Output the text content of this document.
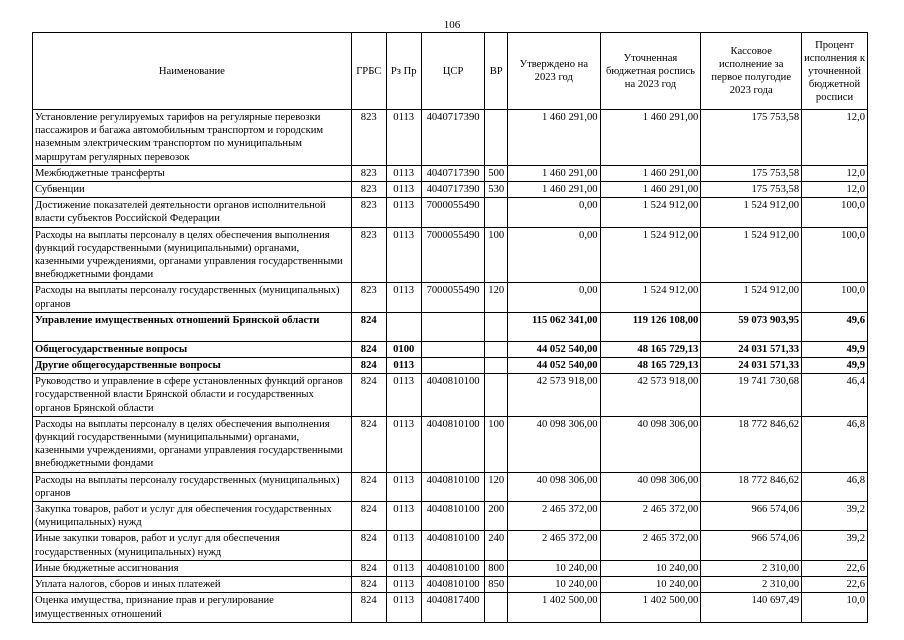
106
Наименование	ГРБС	Рз Пр	ЦСР	ВР	Утверждено на 2023 год	Уточненная бюджетная роспись на 2023 год	Кассовое исполнение за первое полугодие 2023 года	Процент исполнения к уточненной бюджетной росписи
Установление регулируемых тарифов на регулярные перевозки пассажиров и багажа автомобильным транспортом и городским наземным электрическим транспортом по муниципальным маршрутам регулярных перевозок	823	0113	4040717390		1 460 291,00	1 460 291,00	175 753,58	12,0
Межбюджетные трансферты	823	0113	4040717390	500	1 460 291,00	1 460 291,00	175 753,58	12,0
Субвенции	823	0113	4040717390	530	1 460 291,00	1 460 291,00	175 753,58	12,0
Достижение показателей деятельности органов исполнительной власти субъектов Российской Федерации	823	0113	7000055490		0,00	1 524 912,00	1 524 912,00	100,0
Расходы на выплаты персоналу в целях обеспечения выполнения функций государственными (муниципальными) органами, казенными учреждениями, органами управления государственными внебюджетными фондами	823	0113	7000055490	100	0,00	1 524 912,00	1 524 912,00	100,0
Расходы на выплаты персоналу государственных (муниципальных) органов	823	0113	7000055490	120	0,00	1 524 912,00	1 524 912,00	100,0
Управление имущественных отношений Брянской области	824				115 062 341,00	119 126 108,00	59 073 903,95	49,6
Общегосударственные вопросы	824	0100			44 052 540,00	48 165 729,13	24 031 571,33	49,9
Другие общегосударственные вопросы	824	0113			44 052 540,00	48 165 729,13	24 031 571,33	49,9
Руководство и управление в сфере установленных функций органов государственной власти Брянской области и государственных органов Брянской области	824	0113	4040810100		42 573 918,00	42 573 918,00	19 741 730,68	46,4
Расходы на выплаты персоналу в целях обеспечения выполнения функций государственными (муниципальными) органами, казенными учреждениями, органами управления государственными внебюджетными фондами	824	0113	4040810100	100	40 098 306,00	40 098 306,00	18 772 846,62	46,8
Расходы на выплаты персоналу государственных (муниципальных) органов	824	0113	4040810100	120	40 098 306,00	40 098 306,00	18 772 846,62	46,8
Закупка товаров, работ и услуг для обеспечения государственных (муниципальных) нужд	824	0113	4040810100	200	2 465 372,00	2 465 372,00	966 574,06	39,2
Иные закупки товаров, работ и услуг для обеспечения государственных (муниципальных) нужд	824	0113	4040810100	240	2 465 372,00	2 465 372,00	966 574,06	39,2
Иные бюджетные ассигнования	824	0113	4040810100	800	10 240,00	10 240,00	2 310,00	22,6
Уплата налогов, сборов и иных платежей	824	0113	4040810100	850	10 240,00	10 240,00	2 310,00	22,6
Оценка имущества, признание прав и регулирование имущественных отношений	824	0113	4040817400		1 402 500,00	1 402 500,00	140 697,49	10,0
